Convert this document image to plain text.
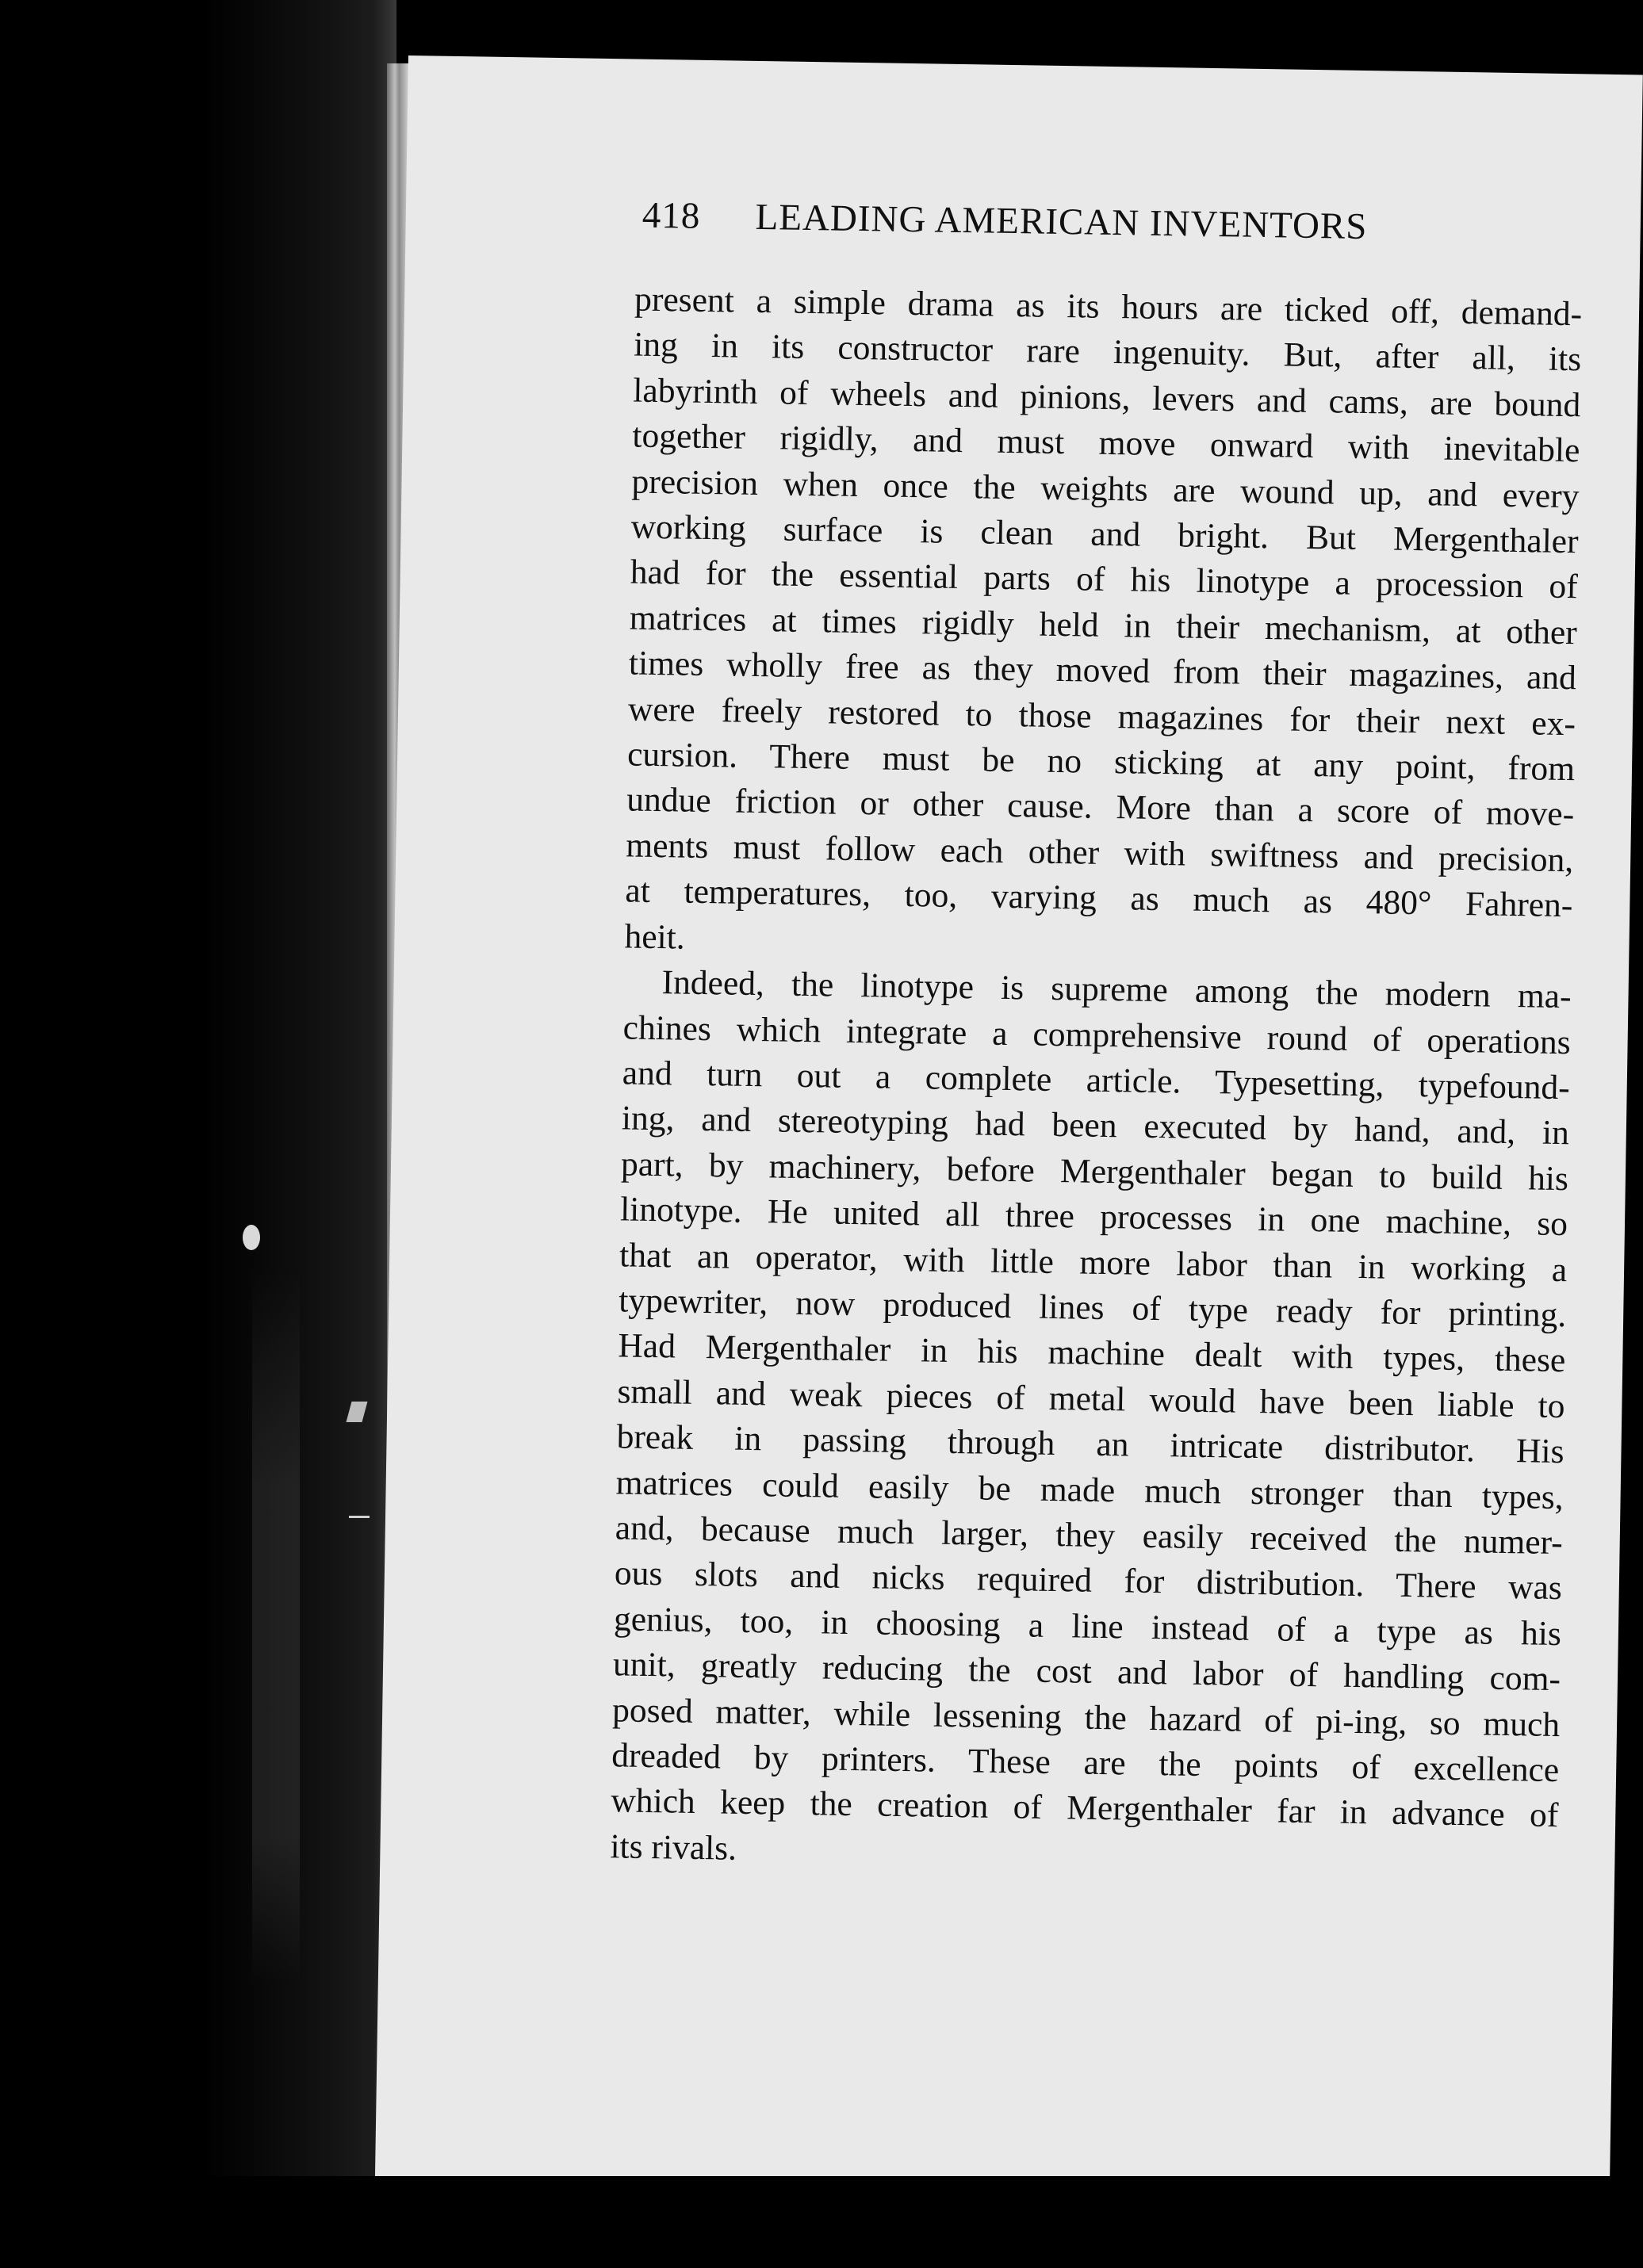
418 LEADING AMERICAN INVENTORS

present a simple drama as its hours are ticked off, demand-
ing in its constructor rare ingenuity. But, after all, its
labyrinth of wheels and pinions, levers and cams, are bound
together rigidly, and must move onward with inevitable
precision when once the weights are wound up, and every
working surface is clean and bright. But Mergenthaler
had for the essential parts of his linotype a procession of
matrices at times rigidly held in their mechanism, at other
times wholly free as they moved from their magazines, and
were freely restored to those magazines for their next ex-
cursion. There must be no sticking at any point, from
undue friction or other cause. More than a score of move-
ments must follow each other with swiftness and precision,
at temperatures, too, varying as much as 480° Fahren-
heit.

Indeed, the linotype is supreme among the modern ma-
chines which integrate a comprehensive round of operations
and turn out a complete article. Typesetting, typefound-
ing, and stereotyping had been executed by hand, and, in
part, by machinery, before Mergenthaler began to build his
linotype. He united all three processes in one machine, so
that an operator, with little more labor than in working a
typewriter, now produced lines of type ready for printing.
Had Mergenthaler in his machine dealt with types, these
small and weak pieces of metal would have been liable to
break in passing through an intricate distributor. His
matrices could easily be made much stronger than types,
and, because much larger, they easily received the numer-
ous slots and nicks required for distribution. There was
genius, too, in choosing a line instead of a type as his
unit, greatly reducing the cost and labor of handling com-
posed matter, while lessening the hazard of pi-ing, so much
dreaded by printers. These are the points of excellence
which keep the creation of Mergenthaler far in advance of
its rivals.
